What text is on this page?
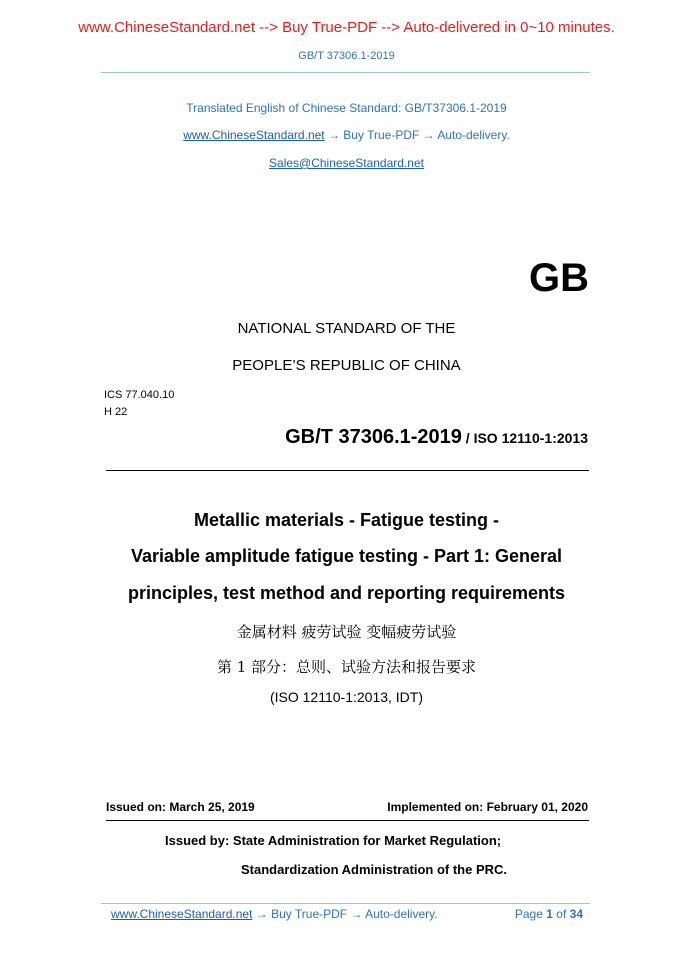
www.ChineseStandard.net --> Buy True-PDF --> Auto-delivered in 0~10 minutes.
GB/T 37306.1-2019
Translated English of Chinese Standard: GB/T37306.1-2019
www.ChineseStandard.net → Buy True-PDF → Auto-delivery.
Sales@ChineseStandard.net
GB
NATIONAL STANDARD OF THE
PEOPLE’S REPUBLIC OF CHINA
ICS 77.040.10
H 22
GB/T 37306.1-2019 / ISO 12110-1:2013
Metallic materials - Fatigue testing -
Variable amplitude fatigue testing - Part 1: General
principles, test method and reporting requirements
金属材料 疲劳试验 变幅疲劳试验
第 1 部分：总则、试验方法和报告要求
(ISO 12110-1:2013, IDT)
Issued on: March 25, 2019	Implemented on: February 01, 2020
Issued by: State Administration for Market Regulation;
Standardization Administration of the PRC.
www.ChineseStandard.net → Buy True-PDF → Auto-delivery.	Page 1 of 34
